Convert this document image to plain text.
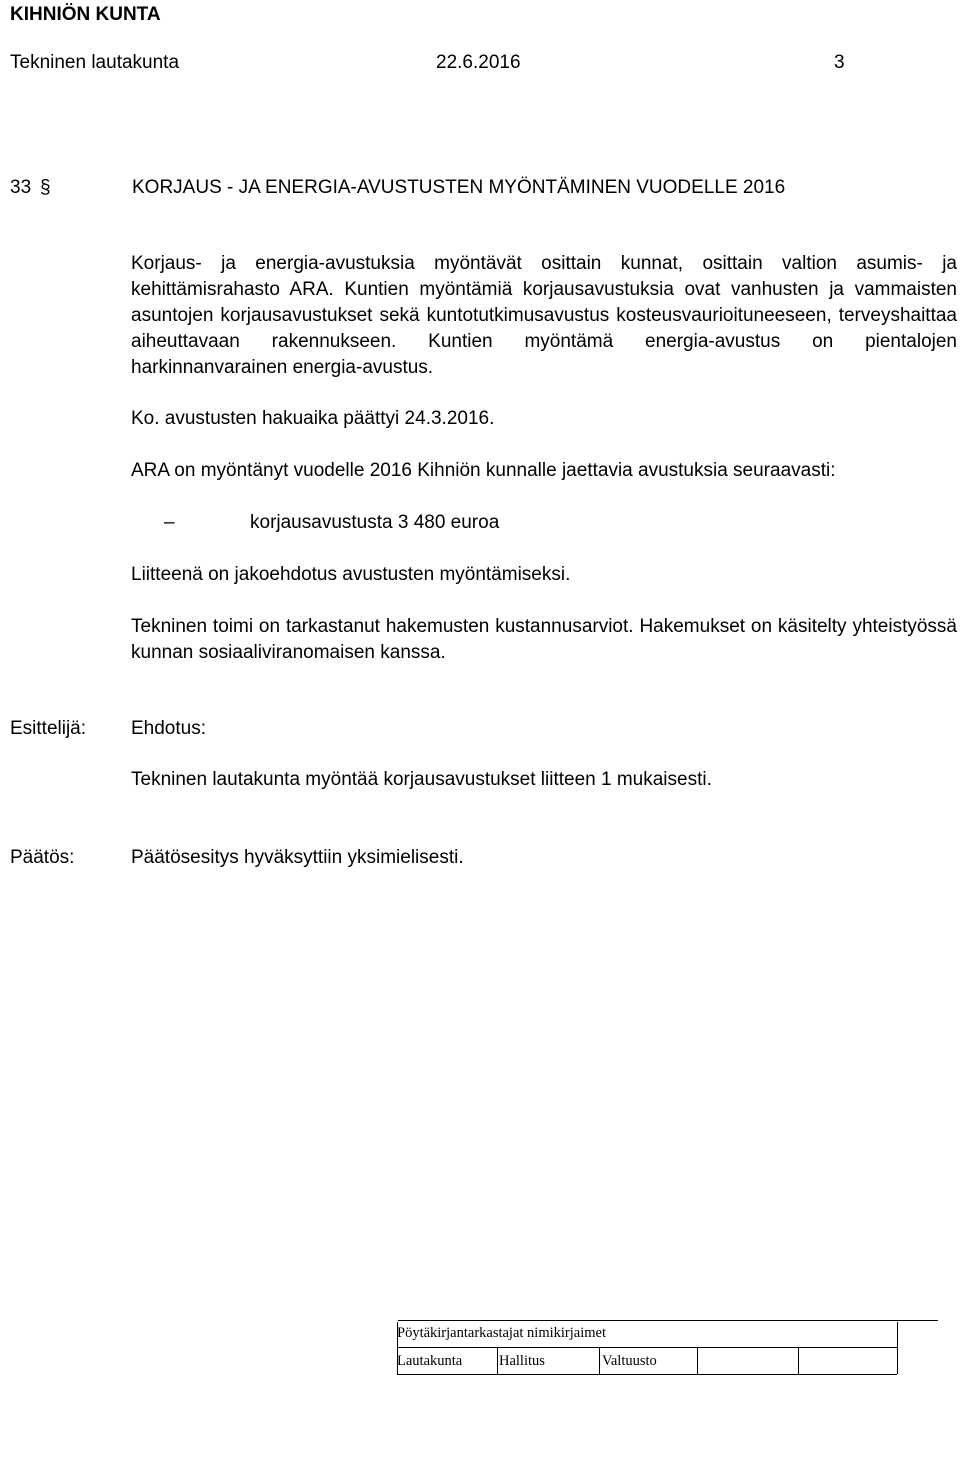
KIHNIÖN KUNTA
Tekninen lautakunta	22.6.2016	3
33 §	KORJAUS - JA ENERGIA-AVUSTUSTEN MYÖNTÄMINEN VUODELLE 2016
Korjaus- ja energia-avustuksia myöntävät osittain kunnat, osittain valtion asumis- ja kehittämisrahasto ARA. Kuntien myöntämiä korjausavustuksia ovat vanhusten ja vammaisten asuntojen korjausavustukset sekä kuntotutkimusavustus kosteusvaurioituneeseen, terveyshaittaa aiheuttavaan rakennukseen. Kuntien myöntämä energia-avustus on pientalojen harkinnanvarainen energia-avustus.
Ko. avustusten hakuaika päättyi 24.3.2016.
ARA on myöntänyt vuodelle 2016 Kihniön kunnalle jaettavia avustuksia seuraavasti:
–	korjausavustusta 3 480 euroa
Liitteenä on jakoehdotus avustusten myöntämiseksi.
Tekninen toimi on tarkastanut hakemusten kustannusarviot. Hakemukset on käsitelty yhteistyössä kunnan sosiaaliviranomaisen kanssa.
Esittelijä: Ehdotus:
Tekninen lautakunta myöntää korjausavustukset liitteen 1 mukaisesti.
Päätös:	Päätösesitys hyväksyttiin yksimielisesti.
Pöytäkirjantarkastajat nimikirjaimet
Lautakunta	Hallitus	Valtuusto
